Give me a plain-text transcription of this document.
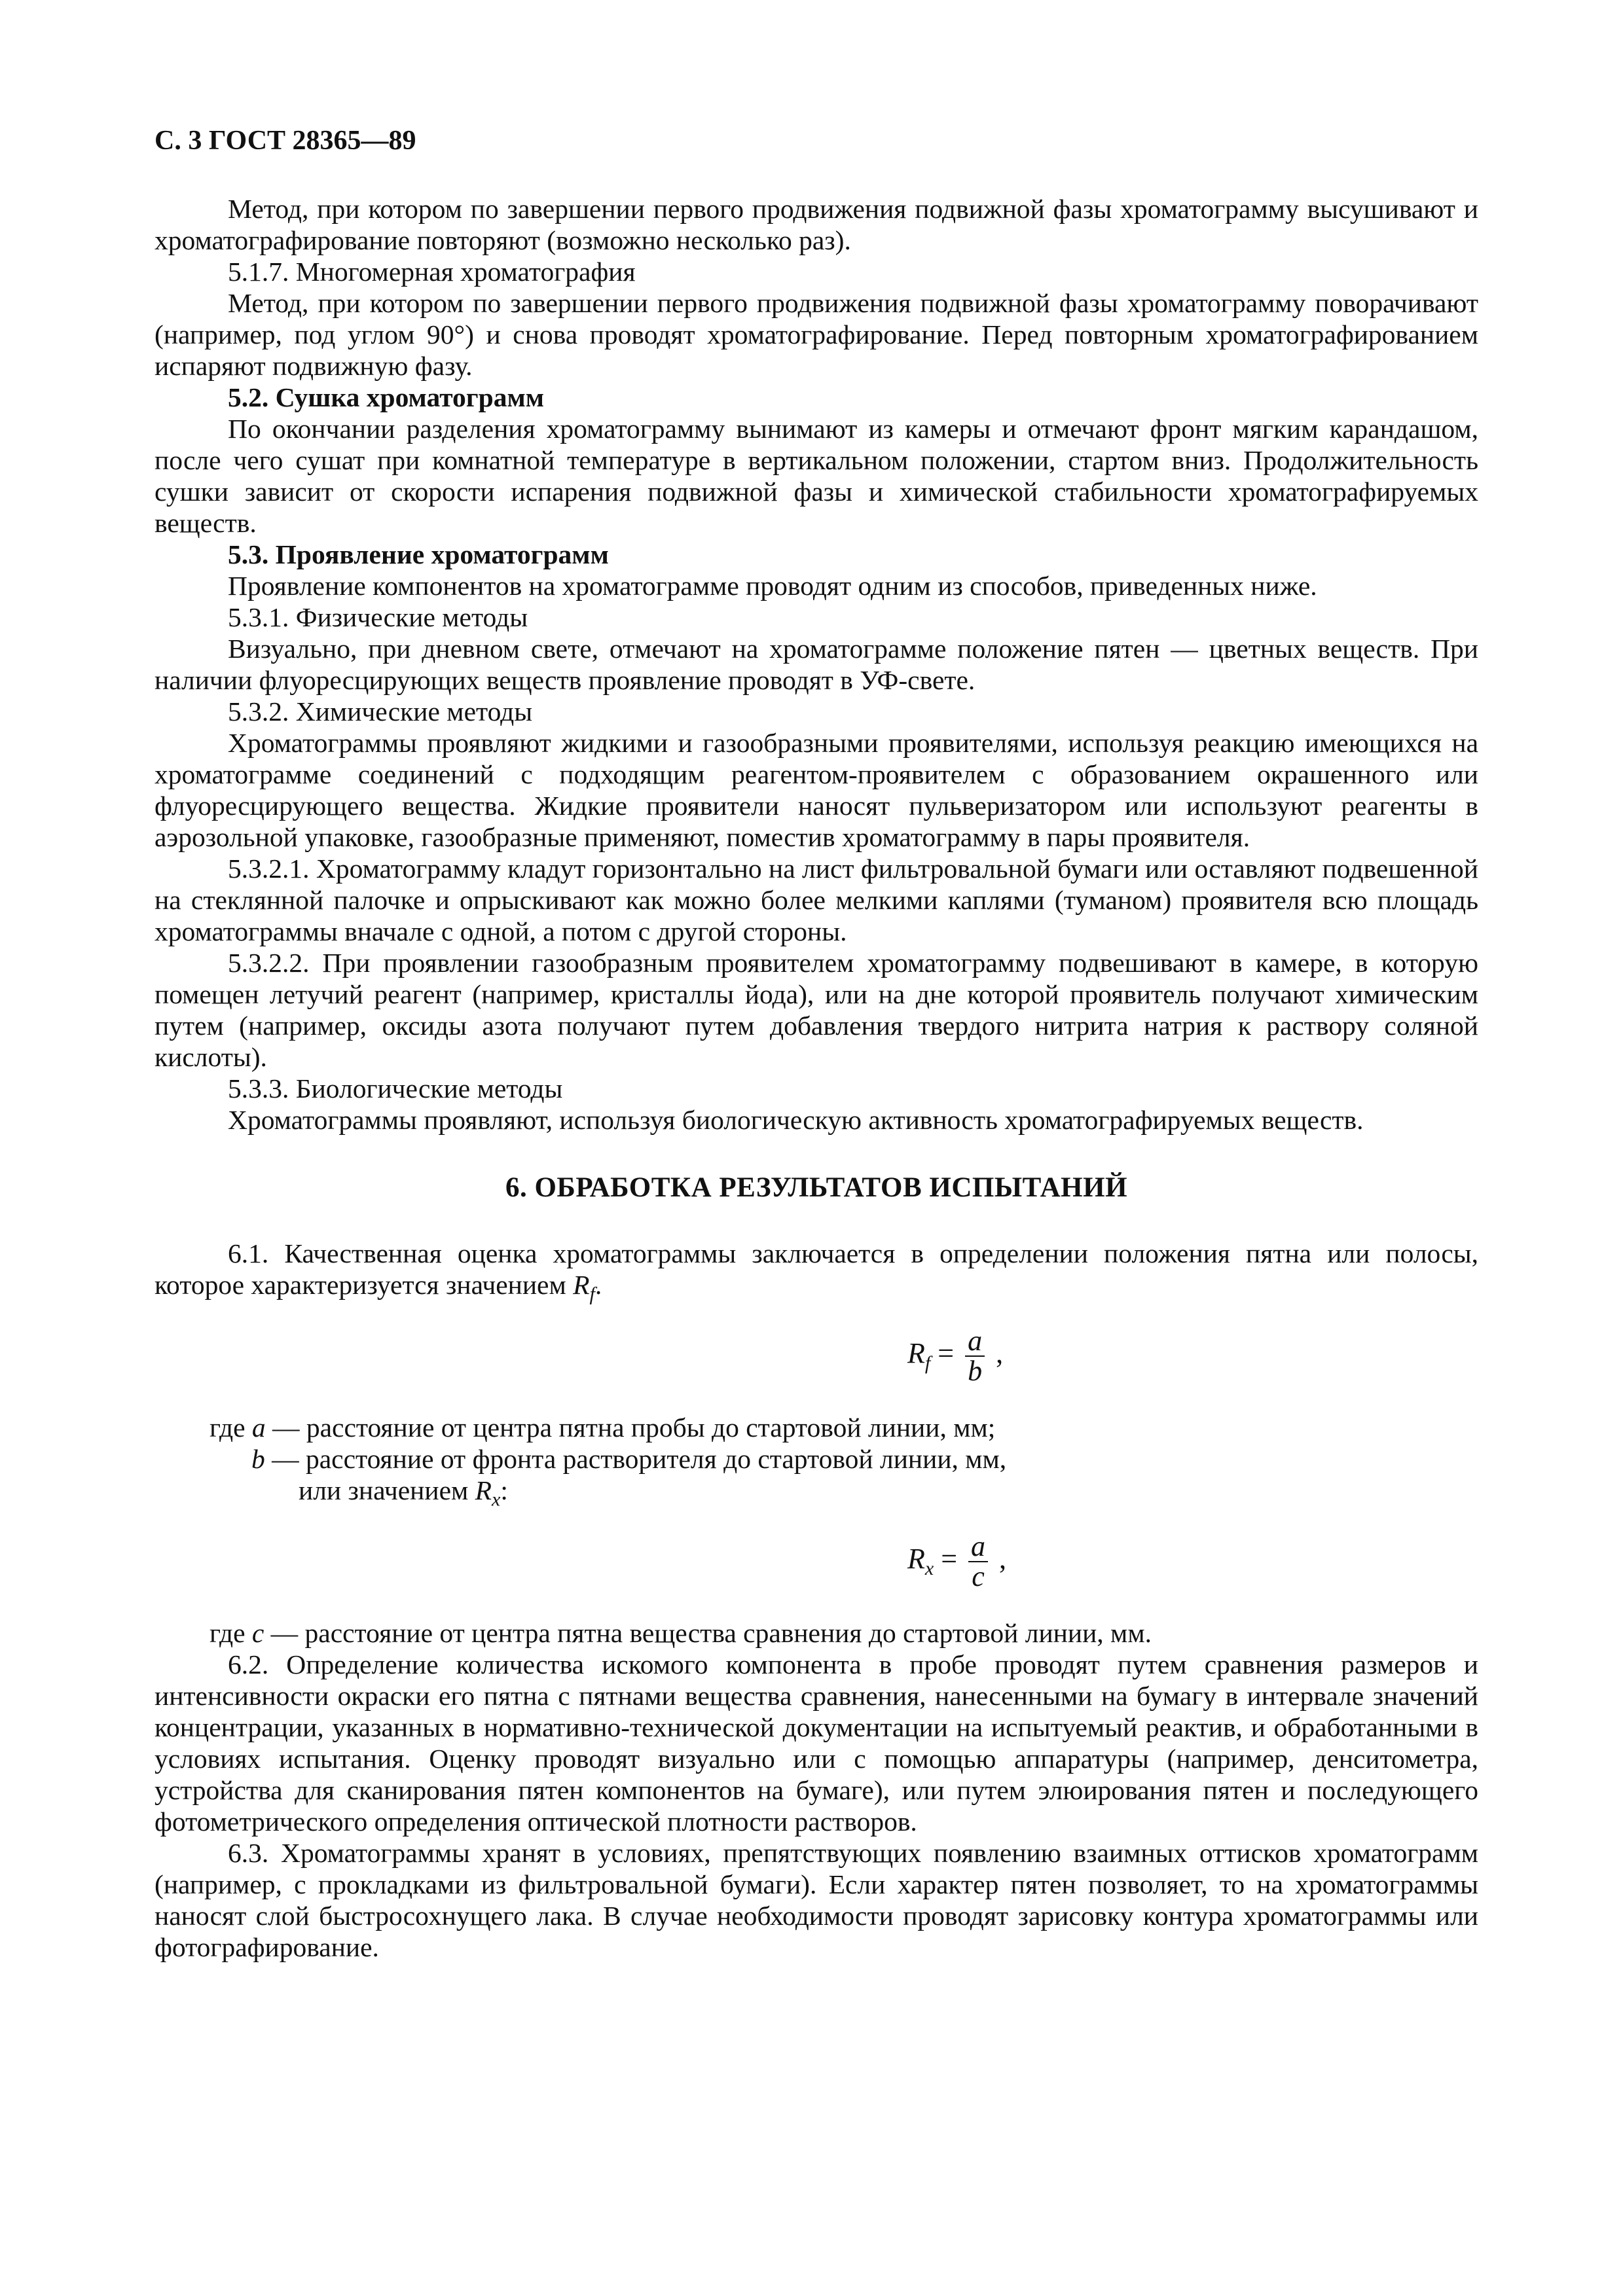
С. 3 ГОСТ 28365—89

Метод, при котором по завершении первого продвижения подвижной фазы хроматограмму высушивают и хроматографирование повторяют (возможно несколько раз).

5.1.7. Многомерная хроматография

Метод, при котором по завершении первого продвижения подвижной фазы хроматограмму поворачивают (например, под углом 90°) и снова проводят хроматографирование. Перед повторным хроматографированием испаряют подвижную фазу.

5.2. Сушка хроматограмм

По окончании разделения хроматограмму вынимают из камеры и отмечают фронт мягким карандашом, после чего сушат при комнатной температуре в вертикальном положении, стартом вниз. Продолжительность сушки зависит от скорости испарения подвижной фазы и химической стабильности хроматографируемых веществ.

5.3. Проявление хроматограмм

Проявление компонентов на хроматограмме проводят одним из способов, приведенных ниже.

5.3.1. Физические методы

Визуально, при дневном свете, отмечают на хроматограмме положение пятен — цветных веществ. При наличии флуоресцирующих веществ проявление проводят в УФ-свете.

5.3.2. Химические методы

Хроматограммы проявляют жидкими и газообразными проявителями, используя реакцию имеющихся на хроматограмме соединений с подходящим реагентом-проявителем с образованием окрашенного или флуоресцирующего вещества. Жидкие проявители наносят пульверизатором или используют реагенты в аэрозольной упаковке, газообразные применяют, поместив хроматограмму в пары проявителя.

5.3.2.1. Хроматограмму кладут горизонтально на лист фильтровальной бумаги или оставляют подвешенной на стеклянной палочке и опрыскивают как можно более мелкими каплями (туманом) проявителя всю площадь хроматограммы вначале с одной, а потом с другой стороны.

5.3.2.2. При проявлении газообразным проявителем хроматограмму подвешивают в камере, в которую помещен летучий реагент (например, кристаллы йода), или на дне которой проявитель получают химическим путем (например, оксиды азота получают путем добавления твердого нитрита натрия к раствору соляной кислоты).

5.3.3. Биологические методы

Хроматограммы проявляют, используя биологическую активность хроматографируемых веществ.

6. ОБРАБОТКА РЕЗУЛЬТАТОВ ИСПЫТАНИЙ

6.1. Качественная оценка хроматограммы заключается в определении положения пятна или полосы, которое характеризуется значением $R_f$.

$R_f = \frac{a}{b}$ ,

где a — расстояние от центра пятна пробы до стартовой линии, мм;

b — расстояние от фронта растворителя до стартовой линии, мм,

или значением $R_x$:

$R_x = \frac{a}{c}$ ,

где c — расстояние от центра пятна вещества сравнения до стартовой линии, мм.

6.2. Определение количества искомого компонента в пробе проводят путем сравнения размеров и интенсивности окраски его пятна с пятнами вещества сравнения, нанесенными на бумагу в интервале значений концентрации, указанных в нормативно-технической документации на испытуемый реактив, и обработанными в условиях испытания. Оценку проводят визуально или с помощью аппаратуры (например, денситометра, устройства для сканирования пятен компонентов на бумаге), или путем элюирования пятен и последующего фотометрического определения оптической плотности растворов.

6.3. Хроматограммы хранят в условиях, препятствующих появлению взаимных оттисков хроматограмм (например, с прокладками из фильтровальной бумаги). Если характер пятен позволяет, то на хроматограммы наносят слой быстросохнущего лака. В случае необходимости проводят зарисовку контура хроматограммы или фотографирование.
